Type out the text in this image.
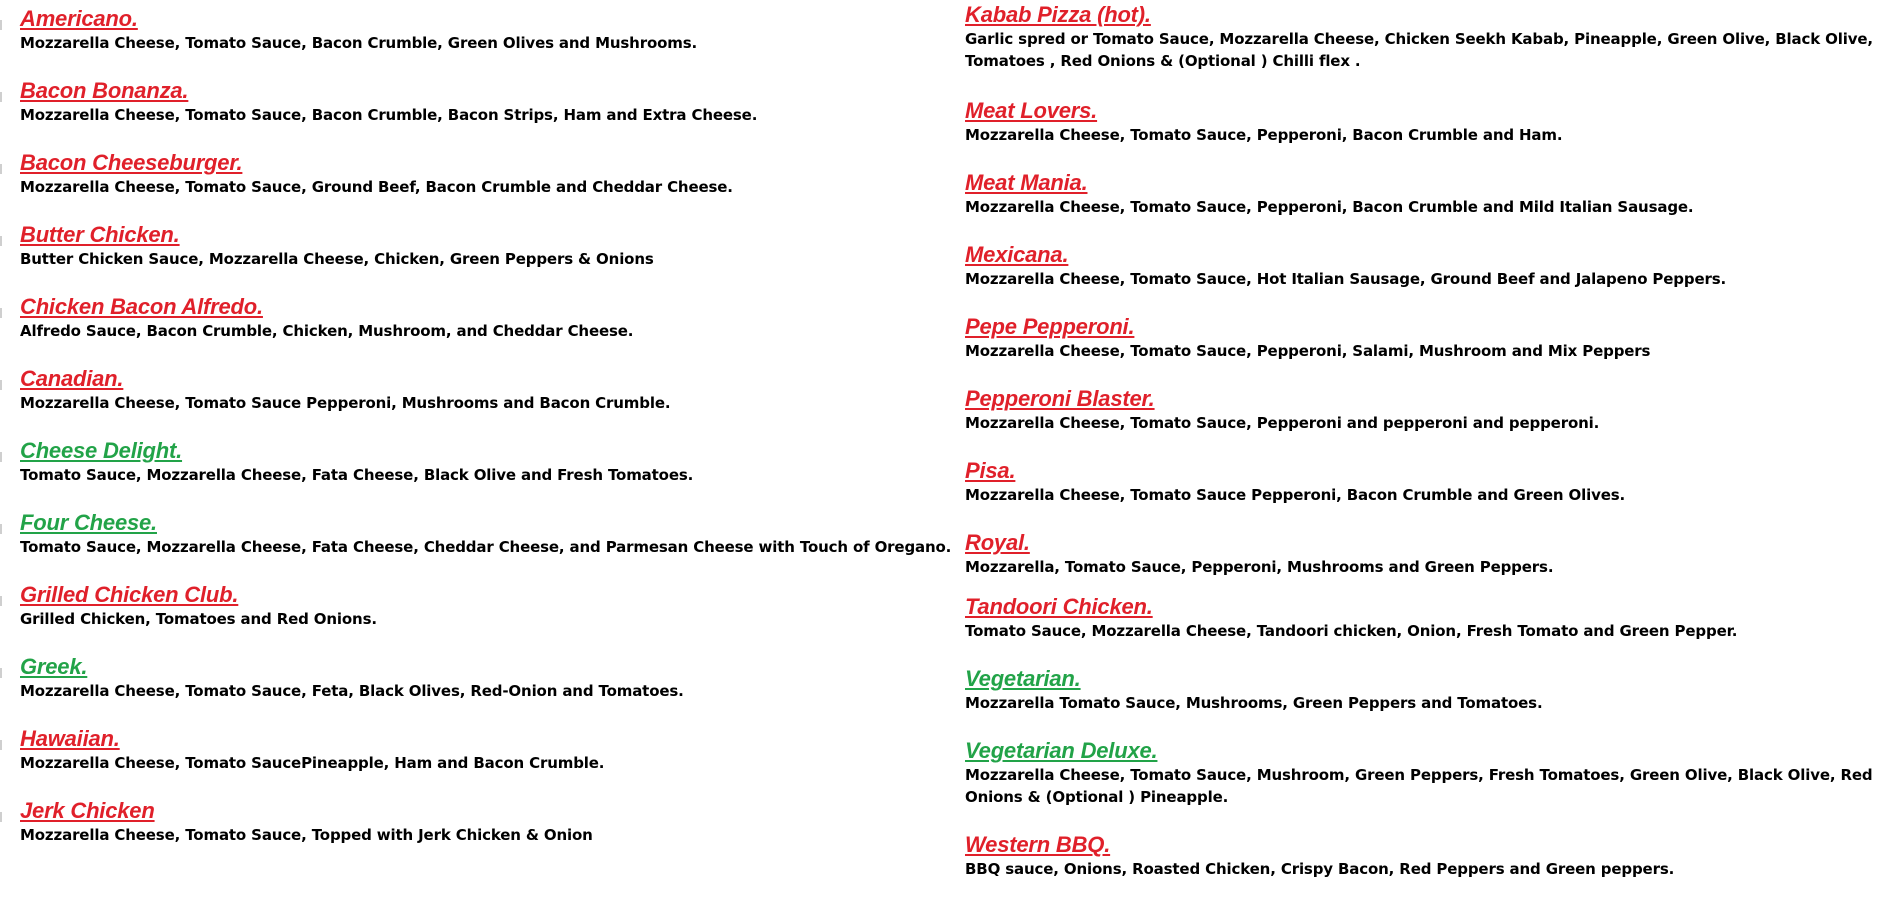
Americano.
Mozzarella Cheese, Tomato Sauce, Bacon Crumble, Green Olives and Mushrooms.
Bacon Bonanza.
Mozzarella Cheese, Tomato Sauce, Bacon Crumble, Bacon Strips, Ham and Extra Cheese.
Bacon Cheeseburger.
Mozzarella Cheese, Tomato Sauce, Ground Beef, Bacon Crumble and Cheddar Cheese.
Butter Chicken.
Butter Chicken Sauce, Mozzarella Cheese, Chicken, Green Peppers & Onions
Chicken Bacon Alfredo.
Alfredo Sauce, Bacon Crumble, Chicken, Mushroom, and Cheddar Cheese.
Canadian.
Mozzarella Cheese, Tomato Sauce Pepperoni, Mushrooms and Bacon Crumble.
Cheese Delight.
Tomato Sauce, Mozzarella Cheese, Fata Cheese, Black Olive and Fresh Tomatoes.
Four Cheese.
Tomato Sauce, Mozzarella Cheese, Fata Cheese, Cheddar Cheese, and Parmesan Cheese with Touch of Oregano.
Grilled Chicken Club.
Grilled Chicken, Tomatoes and Red Onions.
Greek.
Mozzarella Cheese, Tomato Sauce, Feta, Black Olives, Red-Onion and Tomatoes.
Hawaiian.
Mozzarella Cheese, Tomato SaucePineapple, Ham and Bacon Crumble.
Jerk Chicken
Mozzarella Cheese, Tomato Sauce, Topped with Jerk Chicken & Onion
Kabab Pizza (hot).
Garlic spred or Tomato Sauce, Mozzarella Cheese, Chicken Seekh Kabab, Pineapple, Green Olive, Black Olive, Tomatoes , Red Onions & (Optional ) Chilli flex .
Meat Lovers.
Mozzarella Cheese, Tomato Sauce, Pepperoni, Bacon Crumble and Ham.
Meat Mania.
Mozzarella Cheese, Tomato Sauce, Pepperoni, Bacon Crumble and Mild Italian Sausage.
Mexicana.
Mozzarella Cheese, Tomato Sauce, Hot Italian Sausage, Ground Beef and Jalapeno Peppers.
Pepe Pepperoni.
Mozzarella Cheese, Tomato Sauce, Pepperoni, Salami, Mushroom and Mix Peppers
Pepperoni Blaster.
Mozzarella Cheese, Tomato Sauce, Pepperoni and pepperoni and pepperoni.
Pisa.
Mozzarella Cheese, Tomato Sauce Pepperoni, Bacon Crumble and Green Olives.
Royal.
Mozzarella, Tomato Sauce, Pepperoni, Mushrooms and Green Peppers.
Tandoori Chicken.
Tomato Sauce, Mozzarella Cheese, Tandoori chicken, Onion, Fresh Tomato and Green Pepper.
Vegetarian.
Mozzarella Tomato Sauce, Mushrooms, Green Peppers and Tomatoes.
Vegetarian Deluxe.
Mozzarella Cheese, Tomato Sauce, Mushroom, Green Peppers, Fresh Tomatoes, Green Olive, Black Olive, Red Onions & (Optional ) Pineapple.
Western BBQ.
BBQ sauce, Onions, Roasted Chicken, Crispy Bacon, Red Peppers and Green peppers.
